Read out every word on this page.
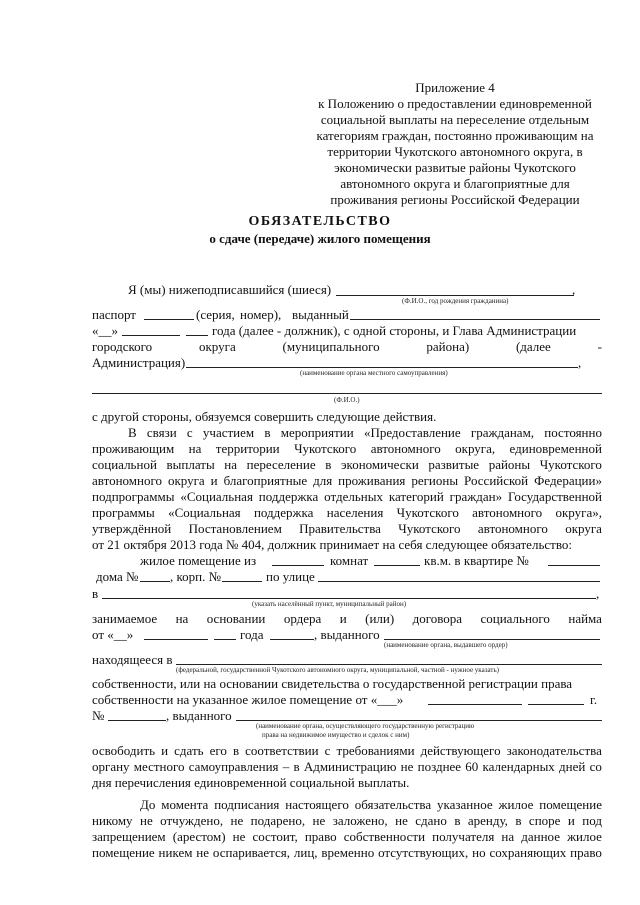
Приложение 4
к Положению о предоставлении единовременной
социальной выплаты на переселение отдельным
категориям граждан, постоянно проживающим на
территории Чукотского автономного округа, в
экономически развитые районы Чукотского
автономного округа и благоприятные для
проживания регионы Российской Федерации
ОБЯЗАТЕЛЬСТВО
о сдаче (передаче) жилого помещения
Я (мы) нижеподписавшийся (шиеся)	,
(Ф.И.О., год рождения гражданина)
паспорт	(серия, номер), выданный
«__»	года (далее - должник), с одной стороны, и Глава Администрации
городского	округа	(муниципального	района)	(далее	-
Администрация)	,
(наименование органа местного самоуправления)
(Ф.И.О.)
с другой стороны, обязуемся совершить следующие действия.
В связи с участием в мероприятии «Предоставление гражданам, постоянно
проживающим на территории Чукотского автономного округа, единовременной
социальной выплаты на переселение в экономически развитые районы Чукотского
автономного округа и благоприятные для проживания регионы Российской Федерации»
подпрограммы «Социальная поддержка отдельных категорий граждан» Государственной
программы «Социальная поддержка населения Чукотского автономного округа»,
утверждённой Постановлением Правительства Чукотского автономного округа
от 21 октября 2013 года № 404, должник принимает на себя следующее обязательство:
жилое помещение из	комнат	кв.м. в квартире №
дома № , корп. №	по улице
в	,
(указать населённый пункт, муниципальный район)
занимаемое на основании ордера и (или) договора социального найма
от «__»	года	, выданного
(наименование органа, выдавшего ордер)
находящееся в
(федеральной, государственной Чукотского автономного округа, муниципальной, частной - нужное указать)
собственности, или на основании свидетельства о государственной регистрации права
собственности на указанное жилое помещение от «___»	г.
№	, выданного
(наименование органа, осуществляющего государственную регистрацию
права на недвижимое имущество и сделок с ним)
освободить и сдать его в соответствии с требованиями действующего законодательства
органу местного самоуправления – в Администрацию не позднее 60 календарных дней со
дня перечисления единовременной социальной выплаты.
До момента подписания настоящего обязательства указанное жилое помещение
никому не отчуждено, не подарено, не заложено, не сдано в аренду, в споре и под
запрещением (арестом) не состоит, право собственности получателя на данное жилое
помещение никем не оспаривается, лиц, временно отсутствующих, но сохраняющих право
